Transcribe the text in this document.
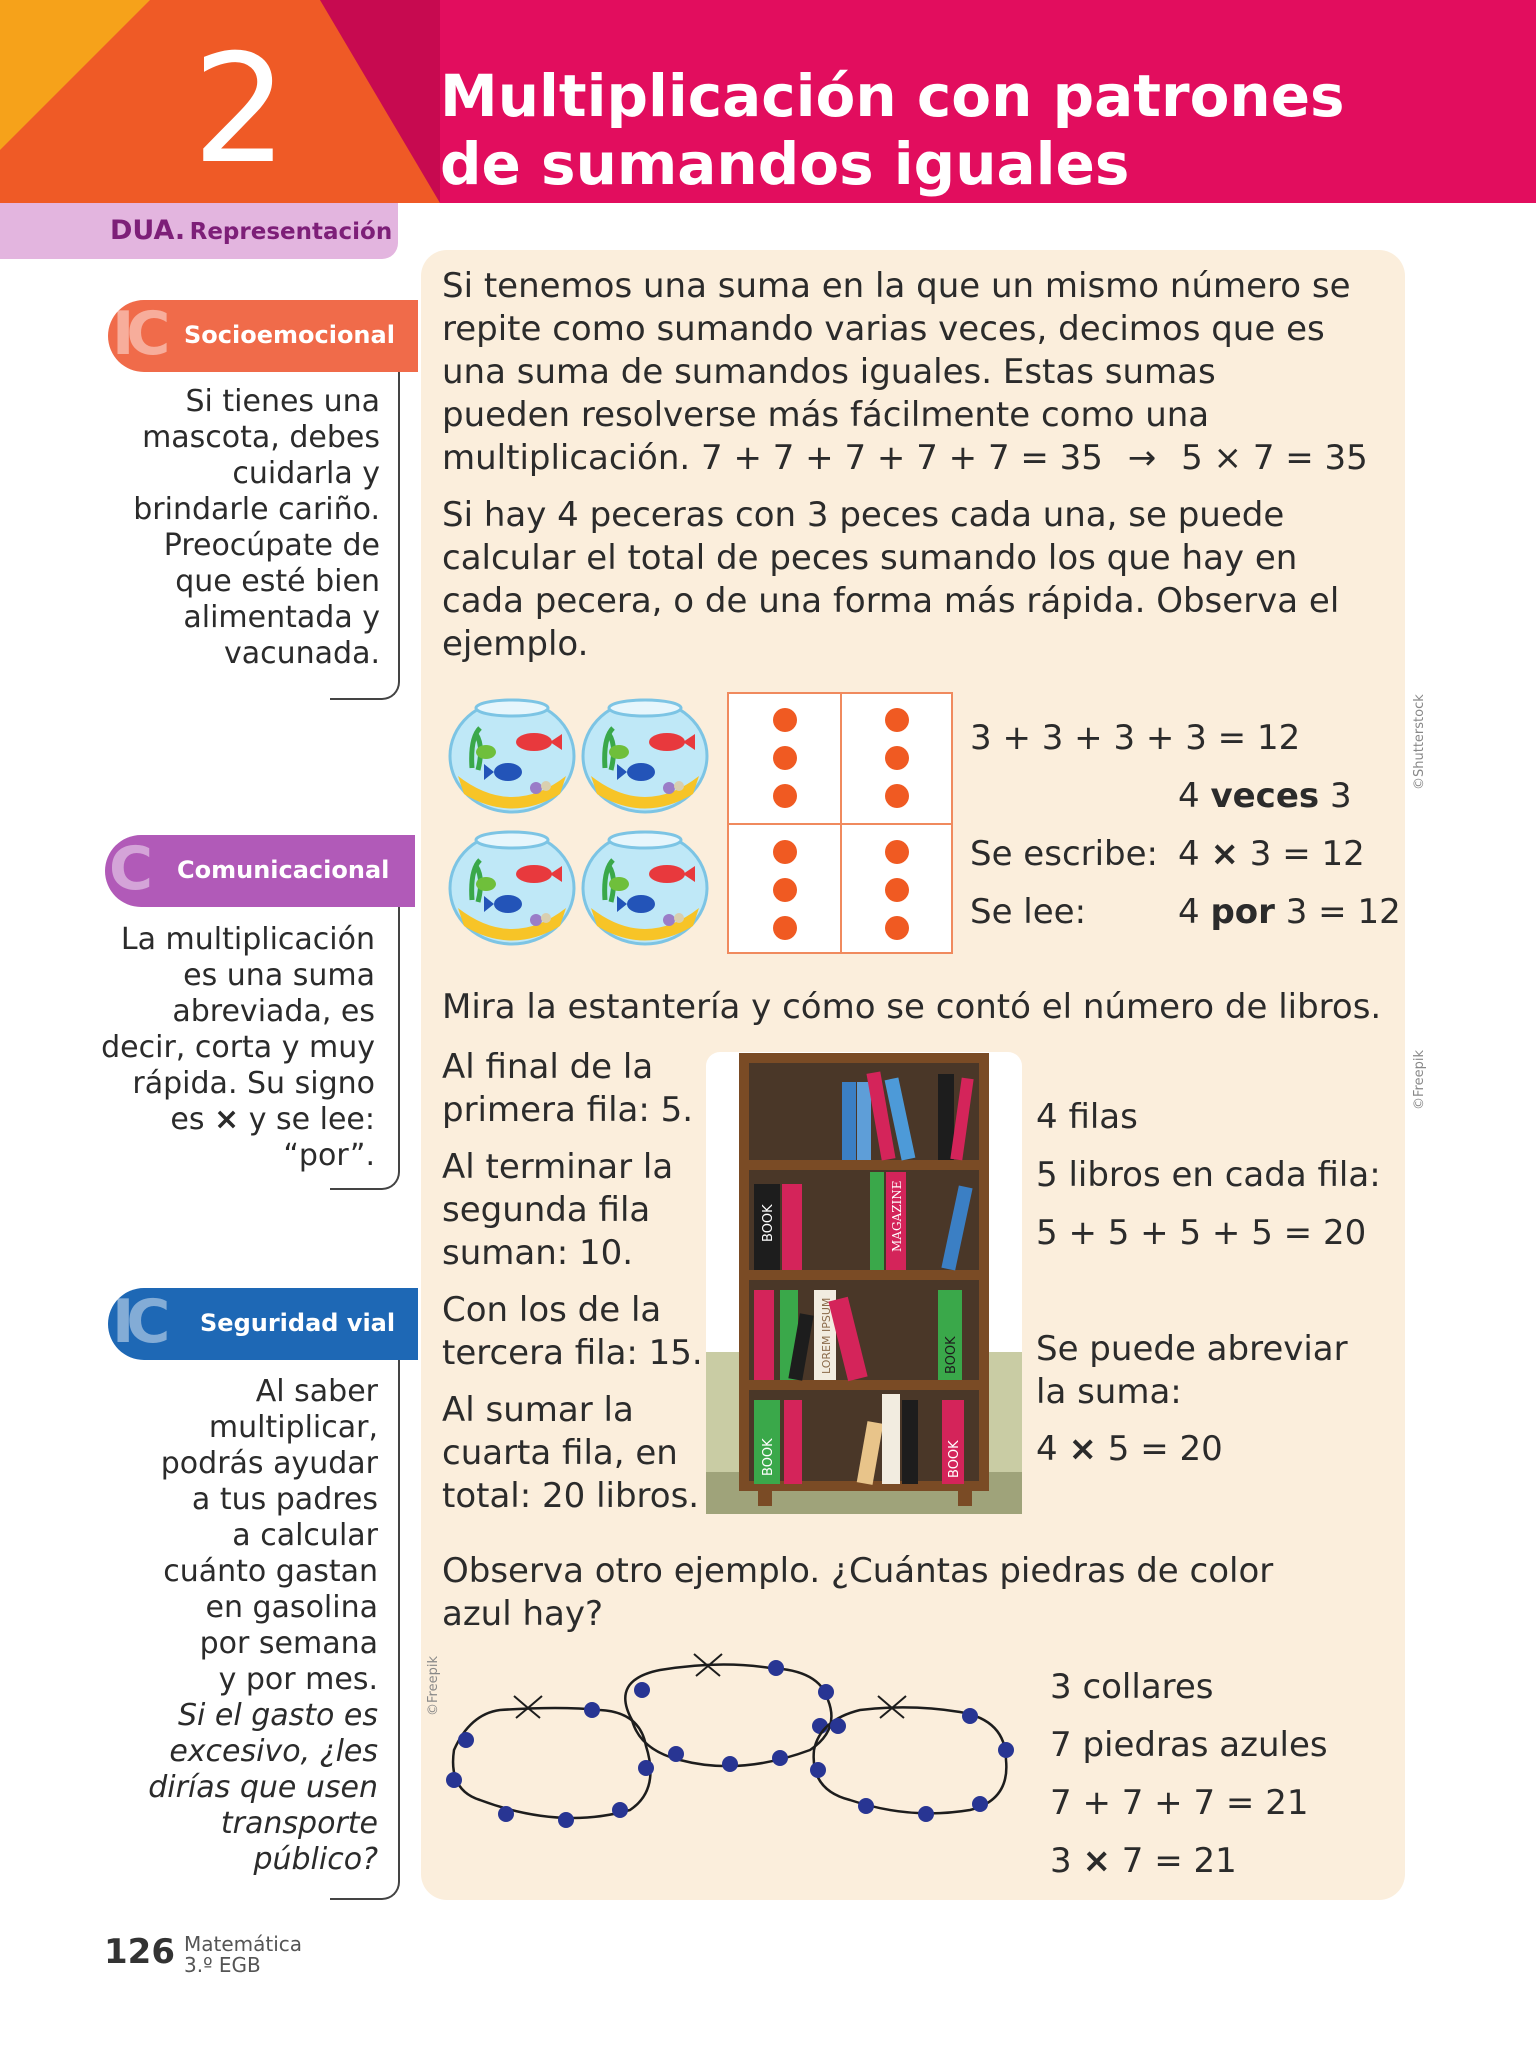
2	Multiplicación con patrones
de sumandos iguales
DUA. Representación
IC Socioemocional
Si tienes una
mascota, debes
cuidarla y
brindarle cariño.
Preocúpate de
que esté bien
alimentada y
vacunada.
C Comunicacional
La multiplicación
es una suma
abreviada, es
decir, corta y muy
rápida. Su signo
es × y se lee:
“por”.
IC Seguridad vial
Al saber
multiplicar,
podrás ayudar
a tus padres
a calcular
cuánto gastan
en gasolina
por semana
y por mes.
Si el gasto es
excesivo, ¿les
dirías que usen
transporte
público?
Si tenemos una suma en la que un mismo número se
repite como sumando varias veces, decimos que es
una suma de sumandos iguales. Estas sumas
pueden resolverse más fácilmente como una
multiplicación. 7 + 7 + 7 + 7 + 7 = 35 → 5 × 7 = 35
Si hay 4 peceras con 3 peces cada una, se puede
calcular el total de peces sumando los que hay en
cada pecera, o de una forma más rápida. Observa el
ejemplo.
3 + 3 + 3 + 3 = 12
4 veces 3
Se escribe: 4 × 3 = 12
Se lee:	4 por 3 = 12
Mira la estantería y cómo se contó el número de libros.
Al final de la
primera fila: 5.
Al terminar la
segunda fila
suman: 10.
Con los de la
tercera fila: 15.
Al sumar la
cuarta fila, en
total: 20 libros.
BOOK	MAGAZINE
LOREM IPSUM	BOOK
BOOK	BOOK
4 filas
5 libros en cada fila:
5 + 5 + 5 + 5 = 20
Se puede abreviar
la suma:
4 × 5 = 20
Observa otro ejemplo. ¿Cuántas piedras de color
azul hay?
3 collares
7 piedras azules
7 + 7 + 7 = 21
3 × 7 = 21
©Shutterstock
©Freepik
©Freepik
126 Matemática
3.º EGB
